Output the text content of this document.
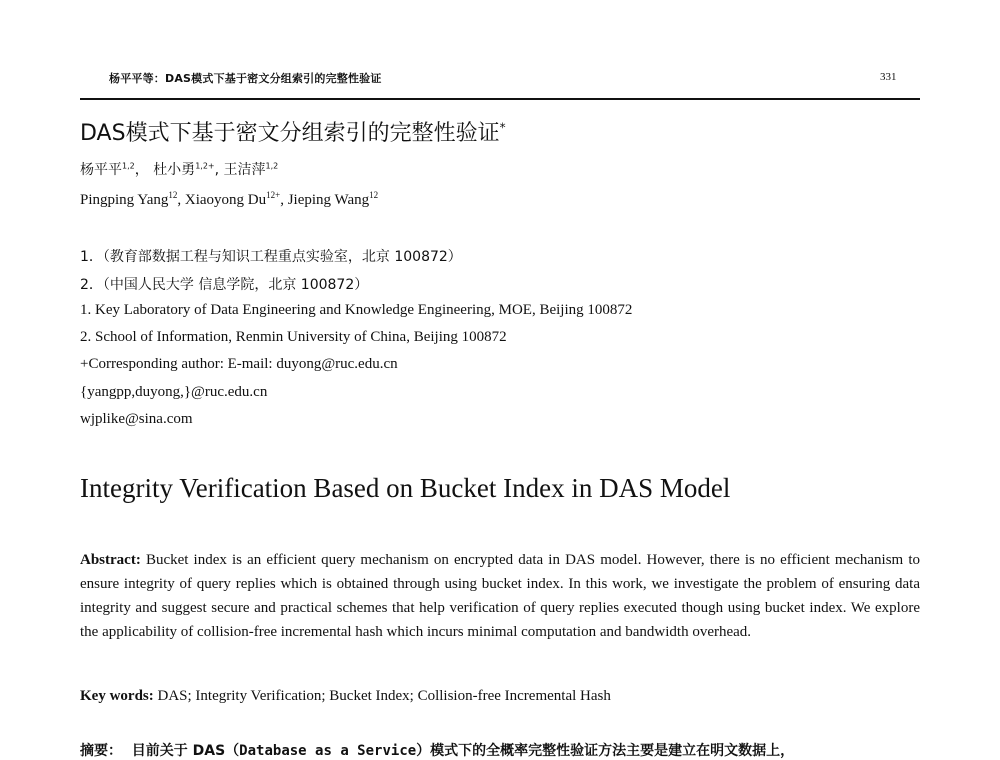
杨平平等：DAS模式下基于密文分组索引的完整性验证	331
DAS模式下基于密文分组索引的完整性验证*
杨平平$^{1,2}$， 杜小勇$^{1,2+}$, 王洁萍$^{1,2}$
Pingping Yang$^{12}$, Xiaoyong $Du^{12+}$, Jieping Wang$^{12}$
1．（教育部数据工程与知识工程重点实验室，北京 100872）
2．（中国人民大学 信息学院，北京 100872）
1. Key Laboratory of Data Engineering and Knowledge Engineering, MOE, Beijing 100872
2. School of Information, Renmin University of China, Beijing 100872
+Corresponding author: E-mail: duyong@ruc.edu.cn
{yangpp,duyong,}@ruc.edu.cn
wjplike@sina.com
Integrity Verification Based on Bucket Index in DAS Model
Abstract: Bucket index is an efficient query mechanism on encrypted data in DAS model. However, there is no efficient mechanism to ensure integrity of query replies which is obtained through using bucket index. In this work, we investigate the problem of ensuring data integrity and suggest secure and practical schemes that help verification of query replies executed though using bucket index. We explore the applicability of collision-free incremental hash which incurs minimal computation and bandwidth overhead.
Key words: DAS; Integrity Verification; Bucket Index; Collision-free Incremental Hash
摘要： 目前关于 DAS（Database as a Service）模式下的全概率完整性验证方法主要是建立在明文数据上，
